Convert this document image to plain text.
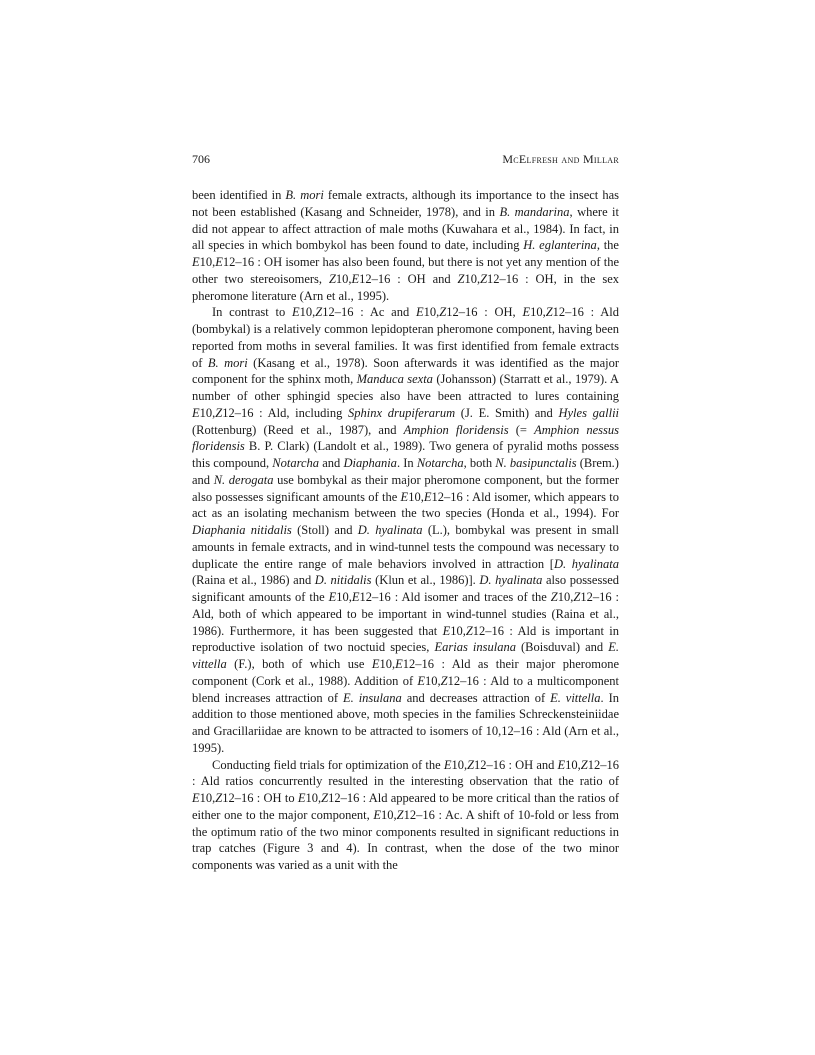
706	McElfresh and Millar

been identified in B. mori female extracts, although its importance to the insect has not been established (Kasang and Schneider, 1978), and in B. mandarina, where it did not appear to affect attraction of male moths (Kuwahara et al., 1984). In fact, in all species in which bombykol has been found to date, including H. eglanterina, the E10,E12–16 : OH isomer has also been found, but there is not yet any mention of the other two stereoisomers, Z10,E12–16 : OH and Z10,Z12–16 : OH, in the sex pheromone literature (Arn et al., 1995).

In contrast to E10,Z12–16 : Ac and E10,Z12–16 : OH, E10,Z12–16 : Ald (bombykal) is a relatively common lepidopteran pheromone component, having been reported from moths in several families. It was first identified from female extracts of B. mori (Kasang et al., 1978). Soon afterwards it was identified as the major component for the sphinx moth, Manduca sexta (Johansson) (Starratt et al., 1979). A number of other sphingid species also have been attracted to lures containing E10,Z12–16 : Ald, including Sphinx drupiferarum (J. E. Smith) and Hyles gallii (Rottenburg) (Reed et al., 1987), and Amphion floridensis (= Amphion nessus floridensis B. P. Clark) (Landolt et al., 1989). Two genera of pyralid moths possess this compound, Notarcha and Diaphania. In Notarcha, both N. basipunctalis (Brem.) and N. derogata use bombykal as their major pheromone component, but the former also possesses significant amounts of the E10,E12–16 : Ald isomer, which appears to act as an isolating mechanism between the two species (Honda et al., 1994). For Diaphania nitidalis (Stoll) and D. hyalinata (L.), bombykal was present in small amounts in female extracts, and in wind-tunnel tests the compound was necessary to duplicate the entire range of male behaviors involved in attraction [D. hyalinata (Raina et al., 1986) and D. nitidalis (Klun et al., 1986)]. D. hyalinata also possessed significant amounts of the E10,E12–16 : Ald isomer and traces of the Z10,Z12–16 : Ald, both of which appeared to be important in wind-tunnel studies (Raina et al., 1986). Furthermore, it has been suggested that E10,Z12–16 : Ald is important in reproductive isolation of two noctuid species, Earias insulana (Boisduval) and E. vittella (F.), both of which use E10,E12–16 : Ald as their major pheromone component (Cork et al., 1988). Addition of E10,Z12–16 : Ald to a multicomponent blend increases attraction of E. insulana and decreases attraction of E. vittella. In addition to those mentioned above, moth species in the families Schreckensteiniidae and Gracillariidae are known to be attracted to isomers of 10,12–16 : Ald (Arn et al., 1995).

Conducting field trials for optimization of the E10,Z12–16 : OH and E10,Z12–16 : Ald ratios concurrently resulted in the interesting observation that the ratio of E10,Z12–16 : OH to E10,Z12–16 : Ald appeared to be more critical than the ratios of either one to the major component, E10,Z12–16 : Ac. A shift of 10-fold or less from the optimum ratio of the two minor components resulted in significant reductions in trap catches (Figure 3 and 4). In contrast, when the dose of the two minor components was varied as a unit with the
